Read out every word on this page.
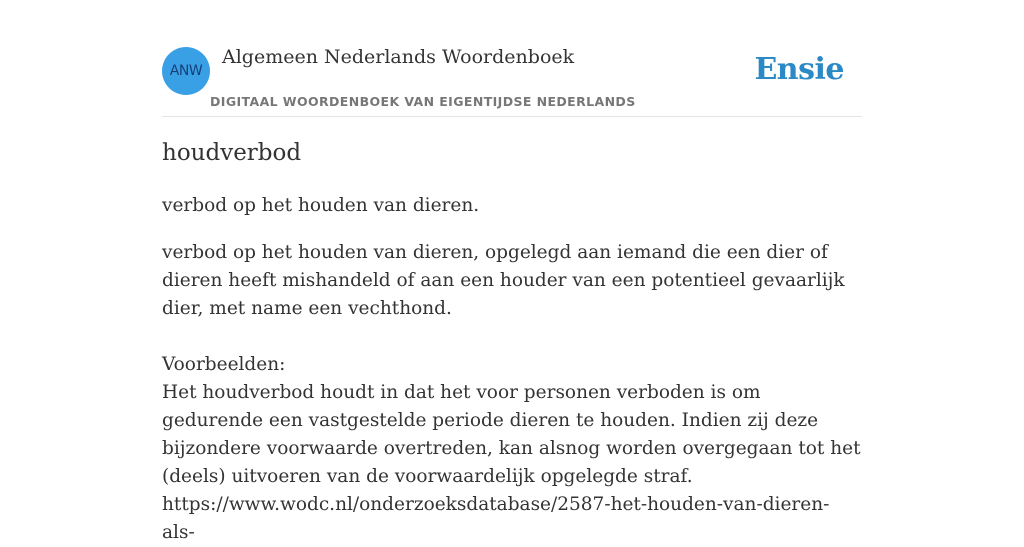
ANW
Algemeen Nederlands Woordenboek
DIGITAAL WOORDENBOEK VAN EIGENTIJDSE NEDERLANDS
Ensie
houdverbod

verbod op het houden van dieren.

verbod op het houden van dieren, opgelegd aan iemand die een dier of dieren heeft mishandeld of aan een houder van een potentieel gevaarlijk dier, met name een vechthond.
Voorbeelden:
Het houdverbod houdt in dat het voor personen verboden is om gedurende een vastgestelde periode dieren te houden. Indien zij deze bijzondere voorwaarde overtreden, kan alsnog worden overgegaan tot het (deels) uitvoeren van de voorwaardelijk opgelegde straf.
https://www.wodc.nl/onderzoeksdatabase/2587-het-houden-van-dieren-als-
